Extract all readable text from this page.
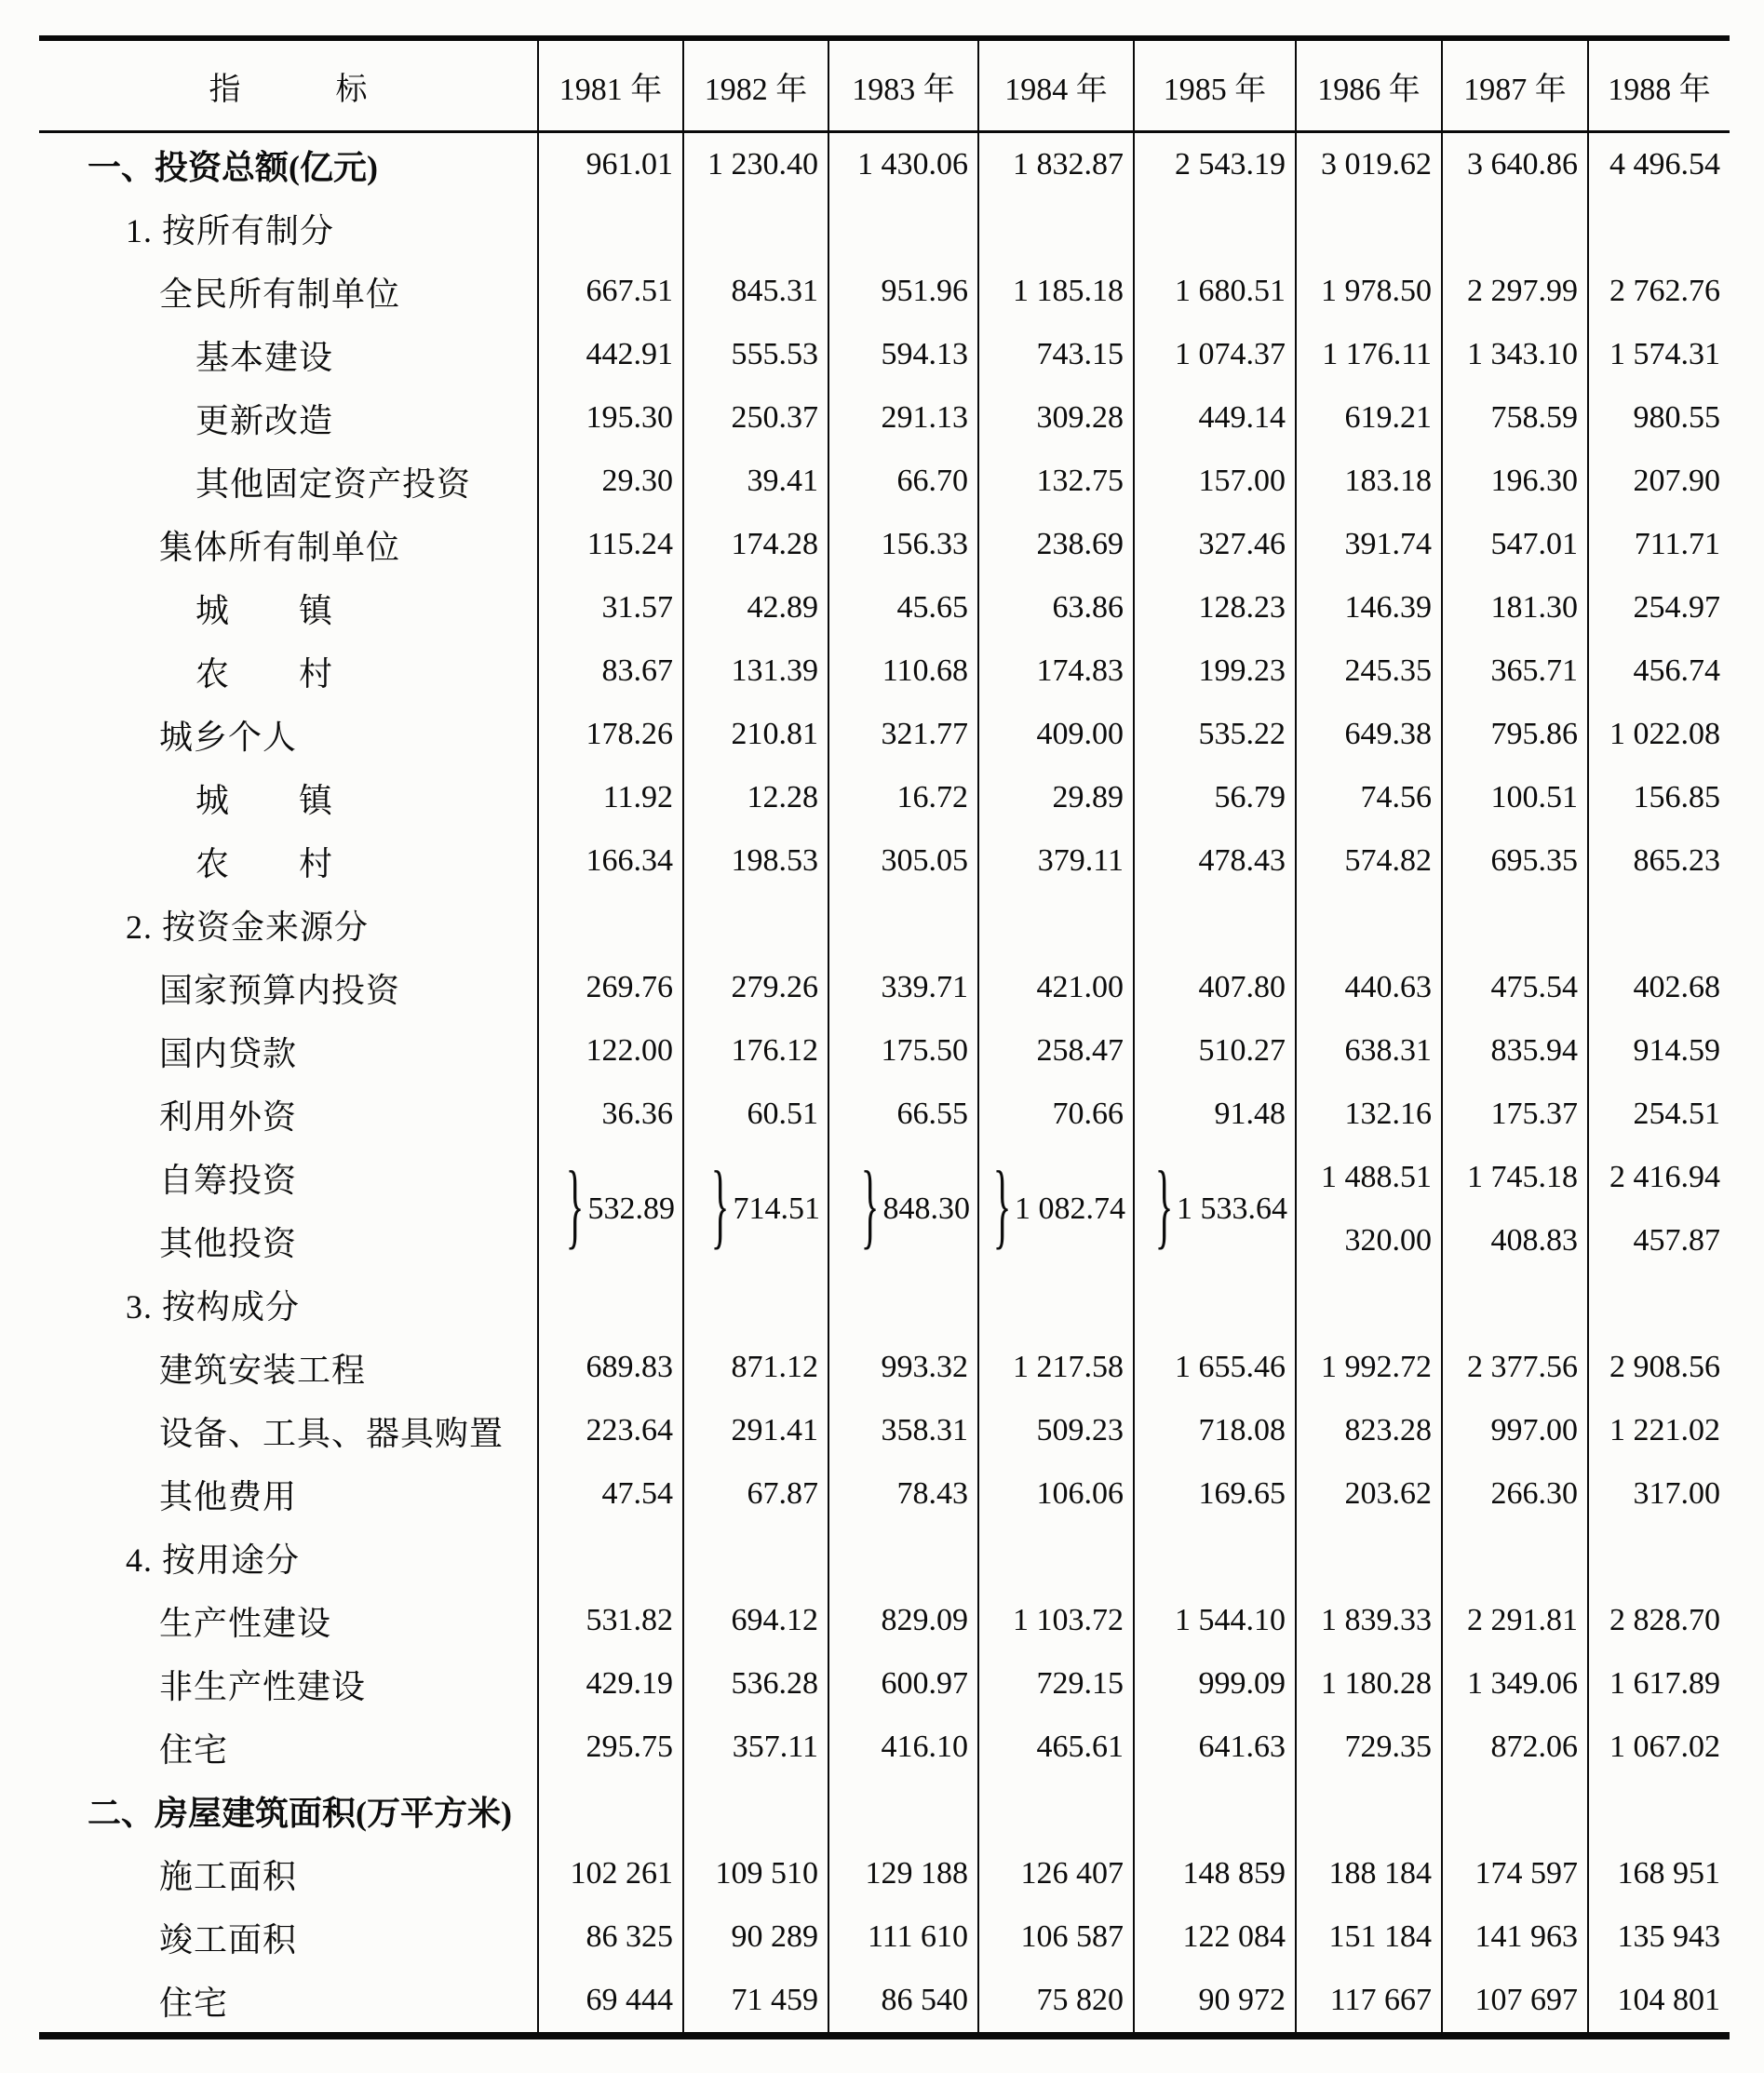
指　　　标	1981 年	1982 年	1983 年	1984 年	1985 年	1986 年	1987 年	1988 年
一、投资总额(亿元)	961.01	1 230.40	1 430.06	1 832.87	2 543.19	3 019.62	3 640.86	4 496.54
1. 按所有制分								
全民所有制单位	667.51	845.31	951.96	1 185.18	1 680.51	1 978.50	2 297.99	2 762.76
基本建设	442.91	555.53	594.13	743.15	1 074.37	1 176.11	1 343.10	1 574.31
更新改造	195.30	250.37	291.13	309.28	449.14	619.21	758.59	980.55
其他固定资产投资	29.30	39.41	66.70	132.75	157.00	183.18	196.30	207.90
集体所有制单位	115.24	174.28	156.33	238.69	327.46	391.74	547.01	711.71
城　　镇	31.57	42.89	45.65	63.86	128.23	146.39	181.30	254.97
农　　村	83.67	131.39	110.68	174.83	199.23	245.35	365.71	456.74
城乡个人	178.26	210.81	321.77	409.00	535.22	649.38	795.86	1 022.08
城　　镇	11.92	12.28	16.72	29.89	56.79	74.56	100.51	156.85
农　　村	166.34	198.53	305.05	379.11	478.43	574.82	695.35	865.23
2. 按资金来源分								
国家预算内投资	269.76	279.26	339.71	421.00	407.80	440.63	475.54	402.68
国内贷款	122.00	176.12	175.50	258.47	510.27	638.31	835.94	914.59
利用外资	36.36	60.51	66.55	70.66	91.48	132.16	175.37	254.51
自筹投资	} 532.89	} 714.51	} 848.30	} 1 082.74	} 1 533.64	1 488.51	1 745.18	2 416.94
其他投资						320.00	408.83	457.87
3. 按构成分								
建筑安装工程	689.83	871.12	993.32	1 217.58	1 655.46	1 992.72	2 377.56	2 908.56
设备、工具、器具购置	223.64	291.41	358.31	509.23	718.08	823.28	997.00	1 221.02
其他费用	47.54	67.87	78.43	106.06	169.65	203.62	266.30	317.00
4. 按用途分								
生产性建设	531.82	694.12	829.09	1 103.72	1 544.10	1 839.33	2 291.81	2 828.70
非生产性建设	429.19	536.28	600.97	729.15	999.09	1 180.28	1 349.06	1 617.89
住宅	295.75	357.11	416.10	465.61	641.63	729.35	872.06	1 067.02
二、房屋建筑面积(万平方米)								
施工面积	102 261	109 510	129 188	126 407	148 859	188 184	174 597	168 951
竣工面积	86 325	90 289	111 610	106 587	122 084	151 184	141 963	135 943
住宅	69 444	71 459	86 540	75 820	90 972	117 667	107 697	104 801
